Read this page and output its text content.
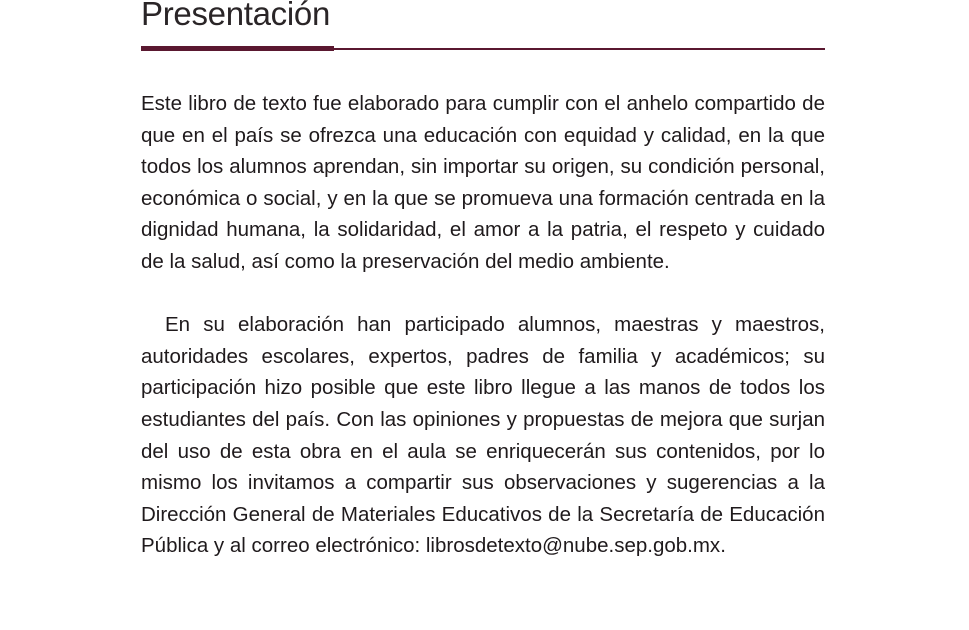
Presentación

Este libro de texto fue elaborado para cumplir con el anhelo compartido de que en el país se ofrezca una educación con equidad y calidad, en la que todos los alumnos aprendan, sin importar su origen, su condición personal, económica o social, y en la que se promueva una formación centrada en la dignidad humana, la solidaridad, el amor a la patria, el respeto y cuidado de la salud, así como la preservación del medio ambiente.

En su elaboración han participado alumnos, maestras y maestros, autoridades escolares, expertos, padres de familia y académicos; su participación hizo posible que este libro llegue a las manos de todos los estudiantes del país. Con las opiniones y propuestas de mejora que surjan del uso de esta obra en el aula se enriquecerán sus contenidos, por lo mismo los invitamos a compartir sus observaciones y sugerencias a la Dirección General de Materiales Educativos de la Secretaría de Educación Pública y al correo electrónico: librosdetexto@nube.sep.gob.mx.
